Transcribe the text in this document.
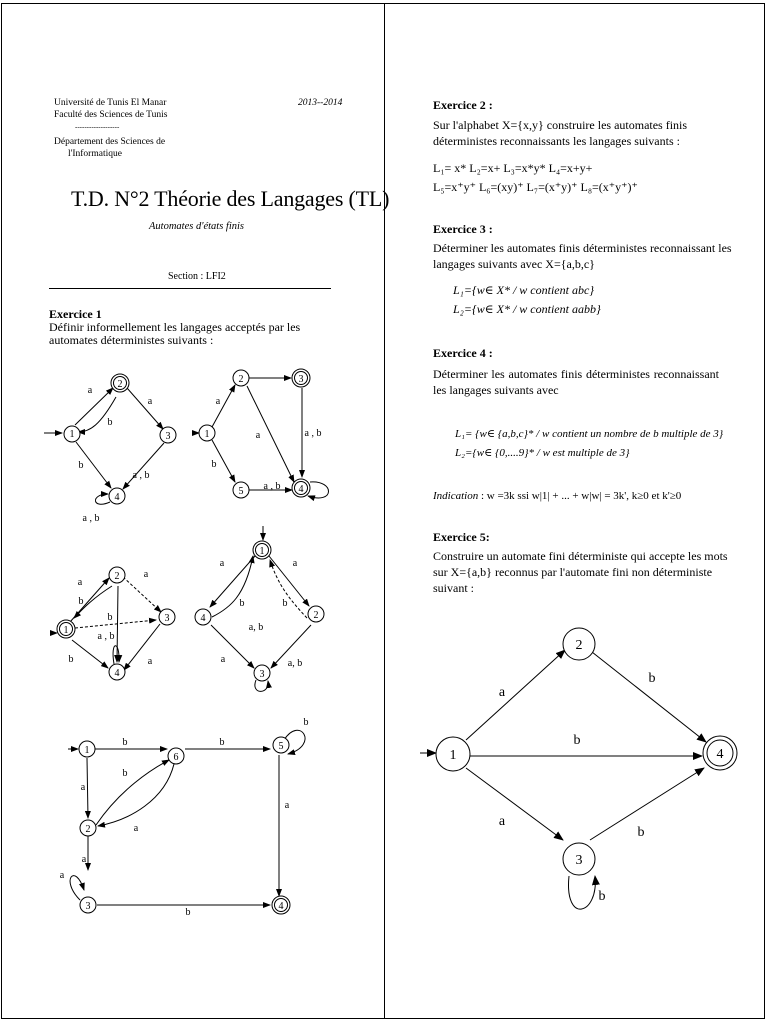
Université de Tunis El Manar
Faculté des Sciences de Tunis
-------------------
Département des Sciences de
l'Informatique
2013--2014
T.D. N°2 Théorie des Langages (TL)
Automates d'états finis
Section : LFI2
Exercice 1
Définir informellement les langages acceptés par les automates déterministes suivants :
1
2
3
4
a
b
a
b
a , b
a , b
1
2	3
5	4
a
a	a , b
b
a , b
1
2
3
4
a
b
a
b
a , b
a
b
1
4	2
3
a
b
a
b
a, b
a	a, b
1
6
5
2
3	4
b	b
b
a
a
a
b
a
b
a
Exercice 2 :
Sur l'alphabet X={x,y} construire les automates finis déterministes reconnaissants les langages suivants :
L₁= x* L₂=x+ L₃=x*y* L₄=x+y+
L₅=x⁺y⁺ L₆=(xy)⁺ L₇=(x⁺y)⁺ L₈=(x⁺y⁺)⁺
Exercice 3 :
Déterminer les automates finis déterministes reconnaissant les langages suivants avec X={a,b,c}
L₁={w∈ X* / w contient abc}
L₂={w∈ X* / w contient aabb}
Exercice 4 :
Déterminer les automates finis déterministes reconnaissant les langages suivants avec
L₁= {w∈ {a,b,c}* / w contient un nombre de b multiple de 3}
L₂={w∈ {0,....9}* / w est multiple de 3}
Indication : w =3k ssi w|1| + ... + w|w| = 3k', k≥0 et k'≥0
Exercice 5:
Construire un automate fini déterministe qui accepte les mots sur X={a,b} reconnus par l'automate fini non déterministe suivant :
1
2
3
4
a
b
b
a
b
b
